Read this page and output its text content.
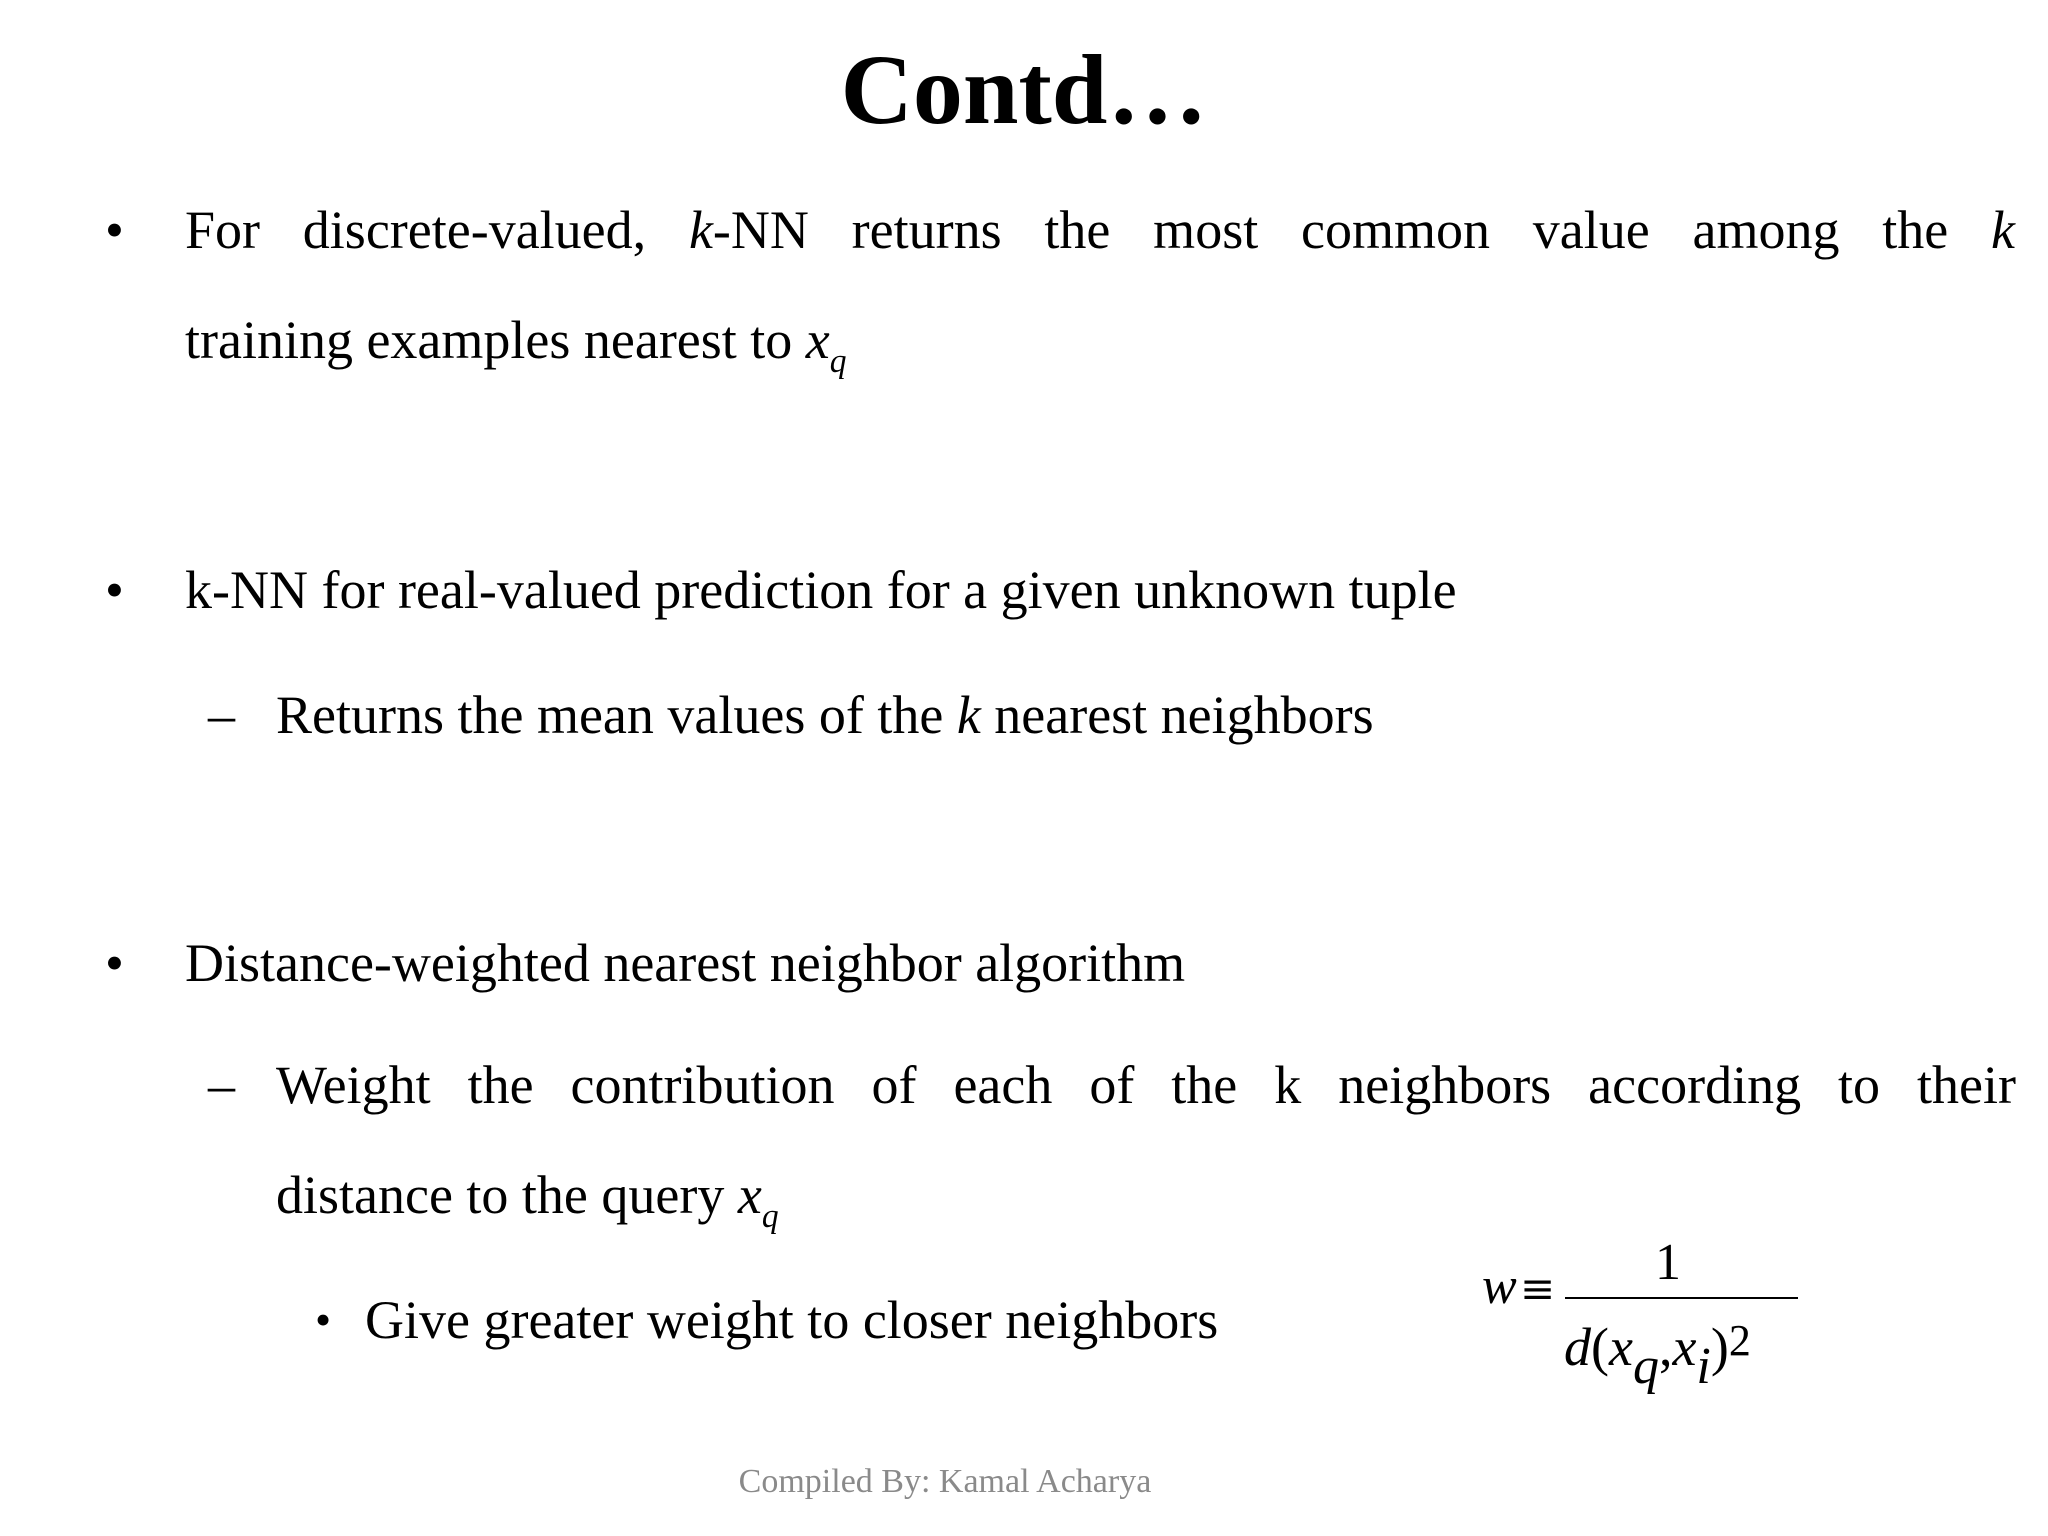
Contd…
• For discrete-valued, k-NN returns the most common value among the k
training examples nearest to $x_q$
• k-NN for real-valued prediction for a given unknown tuple
– Returns the mean values of the k nearest neighbors
• Distance-weighted nearest neighbor algorithm
– Weight the contribution of each of the k neighbors according to their
distance to the query $x_q$
• Give greater weight to closer neighbors
w ≡ 1
d(xq,xi)2
Compiled By: Kamal Acharya
